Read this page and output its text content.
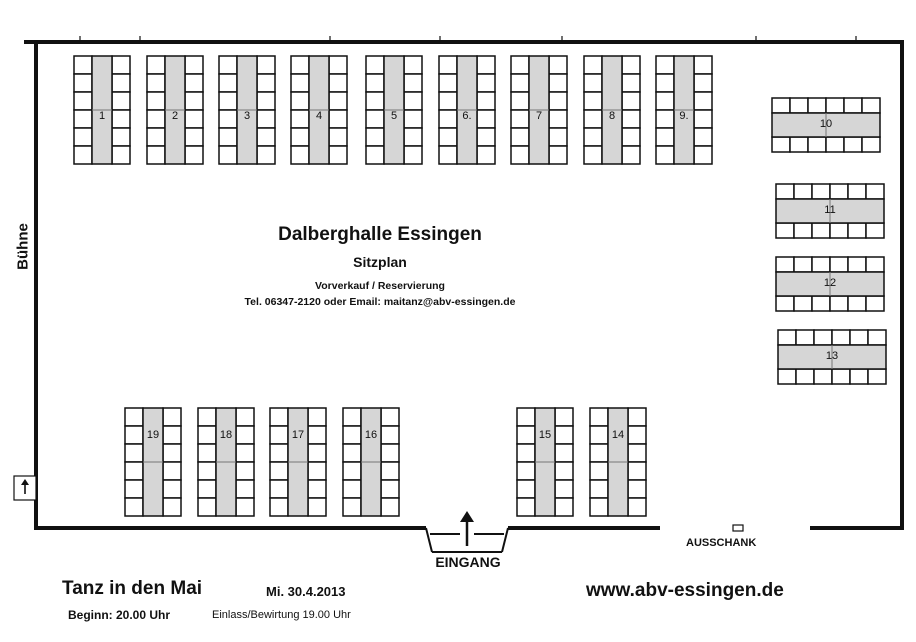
Bühne	Dalberghalle Essingen
Sitzplan
Vorverkauf / Reservierung
Tel. 06347-2120 oder Email: maitanz@abv-essingen.de
EINGANG
AUSSCHANK
Tanz in den Mai	Mi. 30.4.2013
Beginn: 20.00 Uhr	Einlass/Bewirtung 19.00 Uhr
www.abv-essingen.de
1	2	3	4	5	6.	7	8	9.
10
11
12
13
19	18	17	16	15	14
